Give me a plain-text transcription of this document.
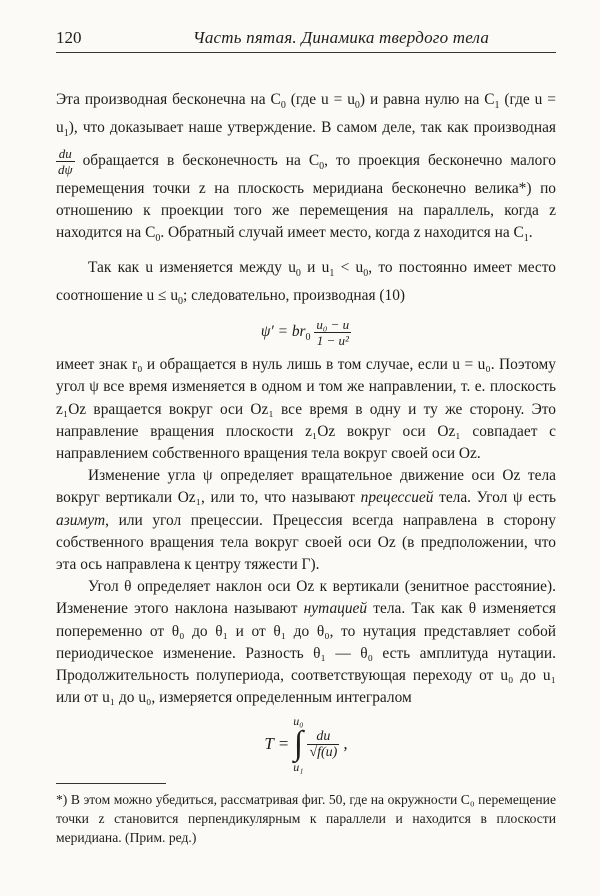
120	Часть пятая. Динамика твердого тела

Эта производная бесконечна на $C_0$ (где $u = u_0$) и равна нулю на $C_1$ (где $u = u_1$), что доказывает наше утверждение. В самом деле, так как производная
$\frac{du}{d\psi}$ обращается в бесконечность на $C_0$, то проекция бесконечно малого перемещения точки z на плоскость меридиана бесконечно велика*) по отношению к проекции того же перемещения на параллель, когда z находится на $C_0$. Обратный случай имеет место, когда z находится на $C_1$.

Так как u изменяется между $u_0$ и $u_1 < u_0$, то постоянно имеет место соотношение $u \le u_0$; следовательно, производная (10)

$\psi' = br_0 \frac{\text{u₀ − u}}{\text{1 − u²}}$

имеет знак r₀ и обращается в нуль лишь в том случае, если u = u₀. Поэтому угол ψ все время изменяется в одном и том же направлении, т. е. плоскость z₁Oz вращается вокруг оси Oz₁ все время в одну и ту же сторону. Это направление вращения плоскости z₁Oz вокруг оси Oz₁ совпадает с направлением собственного вращения тела вокруг своей оси Oz.

Изменение угла ψ определяет вращательное движение оси Oz тела вокруг вертикали Oz₁, или то, что называют прецессией тела. Угол ψ есть азимут, или угол прецессии. Прецессия всегда направлена в сторону собственного вращения тела вокруг своей оси Oz (в предположении, что эта ось направлена к центру тяжести Γ).

Угол θ определяет наклон оси Oz к вертикали (зенитное расстояние). Изменение этого наклона называют нутацией тела. Так как θ изменяется попеременно от θ₀ до θ₁ и от θ₁ до θ₀, то нутация представляет собой периодическое изменение. Разность θ₁ — θ₀ есть амплитуда нутации. Продолжительность полупериода, соответствующая переходу от u₀ до u₁ или от u₁ до u₀, измеряется определенным интегралом

T =
u₀
∫
u₁
$\frac{du}{√f(u)}$ ,

*) В этом можно убедиться, рассматривая фиг. 50, где на окружности C₀ перемещение точки z становится перпендикулярным к параллели и находится в плоскости меридиана. (Прим. ред.)
